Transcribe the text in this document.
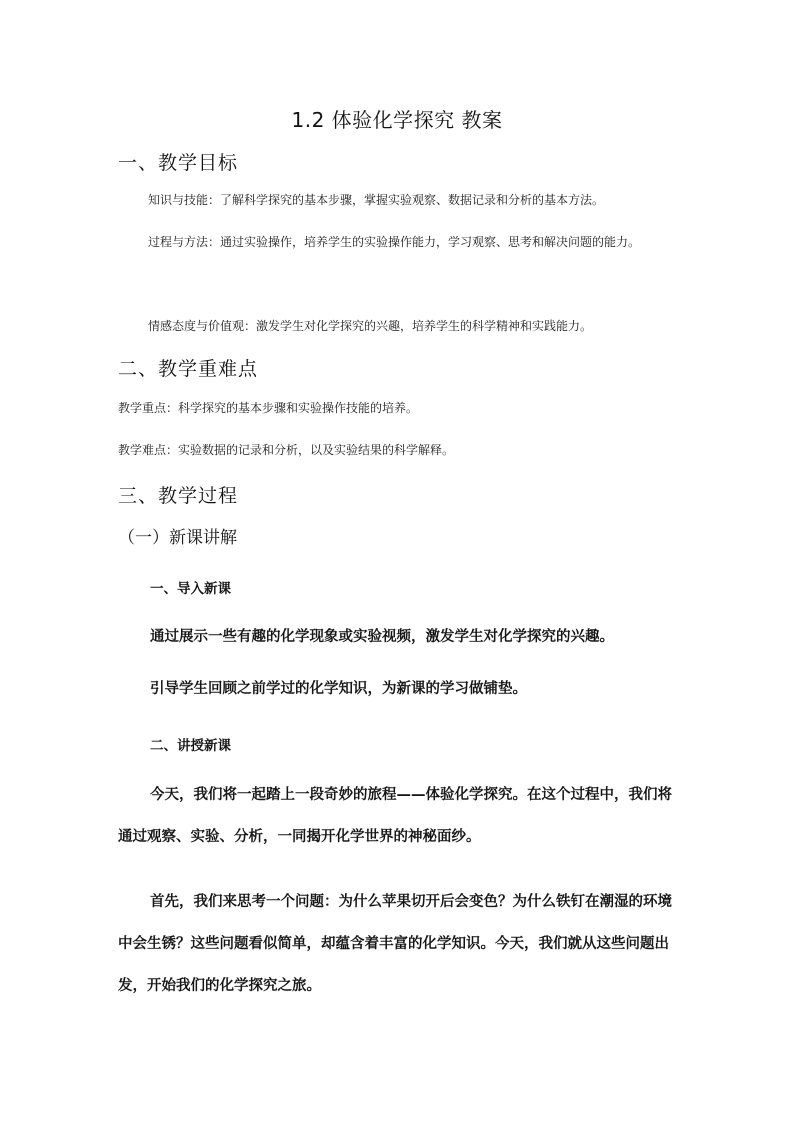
1.2 体验化学探究 教案
一、教学目标

知识与技能：了解科学探究的基本步骤，掌握实验观察、数据记录和分析的基本方法。

过程与方法：通过实验操作，培养学生的实验操作能力，学习观察、思考和解决问题的能力。

情感态度与价值观：激发学生对化学探究的兴趣，培养学生的科学精神和实践能力。

二、教学重难点

教学重点：科学探究的基本步骤和实验操作技能的培养。

教学难点：实验数据的记录和分析，以及实验结果的科学解释。

三、教学过程
（一）新课讲解
一、导入新课

通过展示一些有趣的化学现象或实验视频，激发学生对化学探究的兴趣。

引导学生回顾之前学过的化学知识，为新课的学习做铺垫。

二、讲授新课

今天，我们将一起踏上一段奇妙的旅程——体验化学探究。在这个过程中，我们将通过观察、实验、分析，一同揭开化学世界的神秘面纱。

首先，我们来思考一个问题：为什么苹果切开后会变色？为什么铁钉在潮湿的环境中会生锈？这些问题看似简单，却蕴含着丰富的化学知识。今天，我们就从这些问题出发，开始我们的化学探究之旅。
